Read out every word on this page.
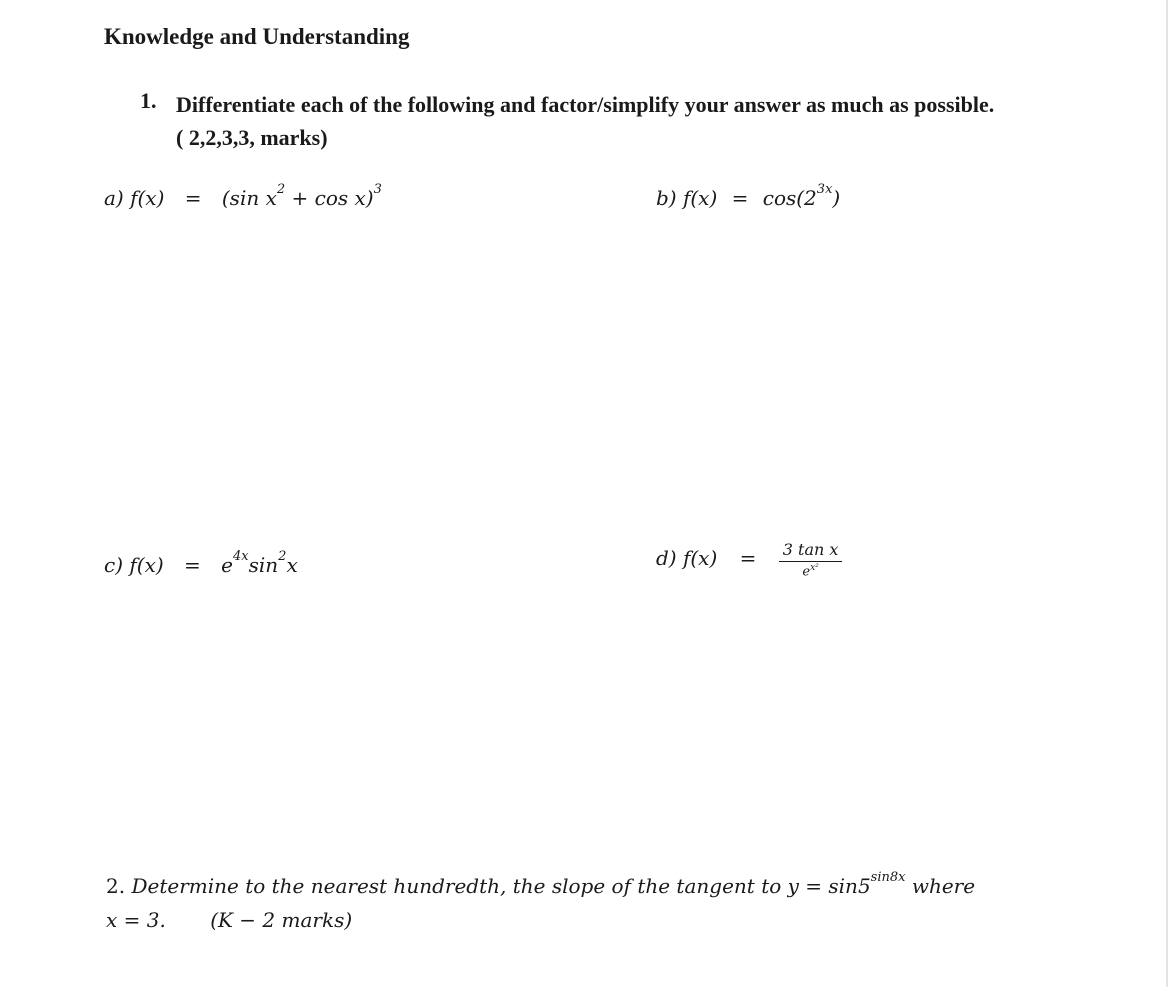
Knowledge and Understanding
1. Differentiate each of the following and factor/simplify your answer as much as possible. ( 2,2,3,3, marks)
a) f(x) = (sin $x^2 + \cos x)^3$	b) $f(x) = \cos(2^{3x})$
c) $f(x) = e^{4x}\sin^2x$	d) $f(x) = \frac{\text{3 tan x}}{e^{x^2}}$
2. Determine to the nearest hundredth, the slope of the tangent to $y = \sin 5^{sin8x}$ where
x = 3. (K − 2 marks)
